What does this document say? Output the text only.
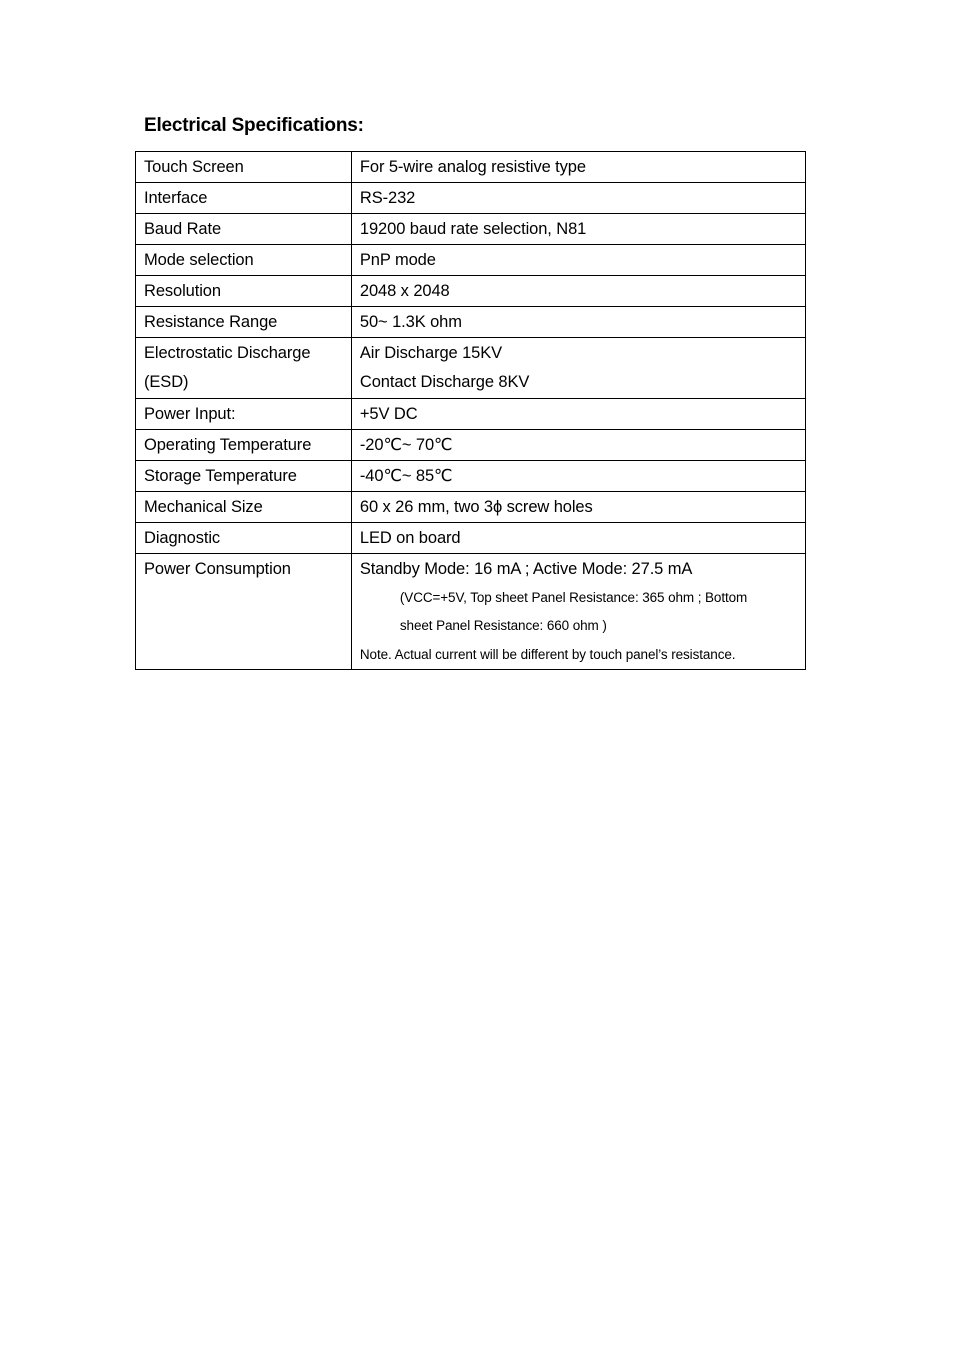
Electrical Specifications:
Touch Screen	For 5-wire analog resistive type

Interface	RS-232

Baud Rate	19200 baud rate selection, N81

Mode selection	PnP mode

Resolution	2048 x 2048

Resistance Range	50~ 1.3K ohm

Electrostatic Discharge
(ESD)	Air Discharge 15KV
Contact Discharge 8KV

Power Input:	+5V DC

Operating Temperature	-20℃~ 70℃

Storage Temperature	-40℃~ 85℃

Mechanical Size	60 x 26 mm, two 3ϕ screw holes

Diagnostic	LED on board

Power Consumption	Standby Mode: 16 mA ; Active Mode: 27.5 mA
(VCC=+5V, Top sheet Panel Resistance: 365 ohm ; Bottom
sheet Panel Resistance: 660 ohm )
Note. Actual current will be different by touch panel’s resistance.
